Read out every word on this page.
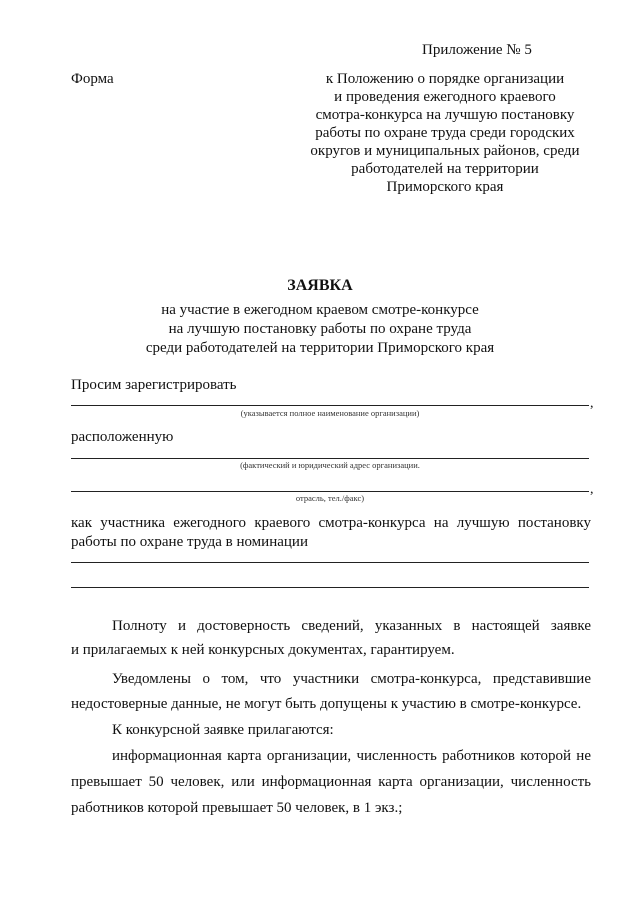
Приложение № 5
Форма	к Положению о порядке организации
и проведения ежегодного краевого
смотра-конкурса на лучшую постановку
работы по охране труда среди городских
округов и муниципальных районов, среди
работодателей на территории
Приморского края
ЗАЯВКА
на участие в ежегодном краевом смотре-конкурсе
на лучшую постановку работы по охране труда
среди работодателей на территории Приморского края
Просим зарегистрировать
,
(указывается полное наименование организации)
расположенную
(фактический и юридический адрес организации.
,
отрасль, тел./факс)
как участника ежегодного краевого смотра-конкурса на лучшую постановку
работы по охране труда в номинации
Полноту и достоверность сведений, указанных в настоящей заявке
и прилагаемых к ней конкурсных документах, гарантируем.
Уведомлены о том, что участники смотра-конкурса, представившие
недостоверные данные, не могут быть допущены к участию в смотре-конкурсе.
К конкурсной заявке прилагаются:
информационная карта организации, численность работников которой не
превышает 50 человек, или информационная карта организации, численность
работников которой превышает 50 человек, в 1 экз.;
